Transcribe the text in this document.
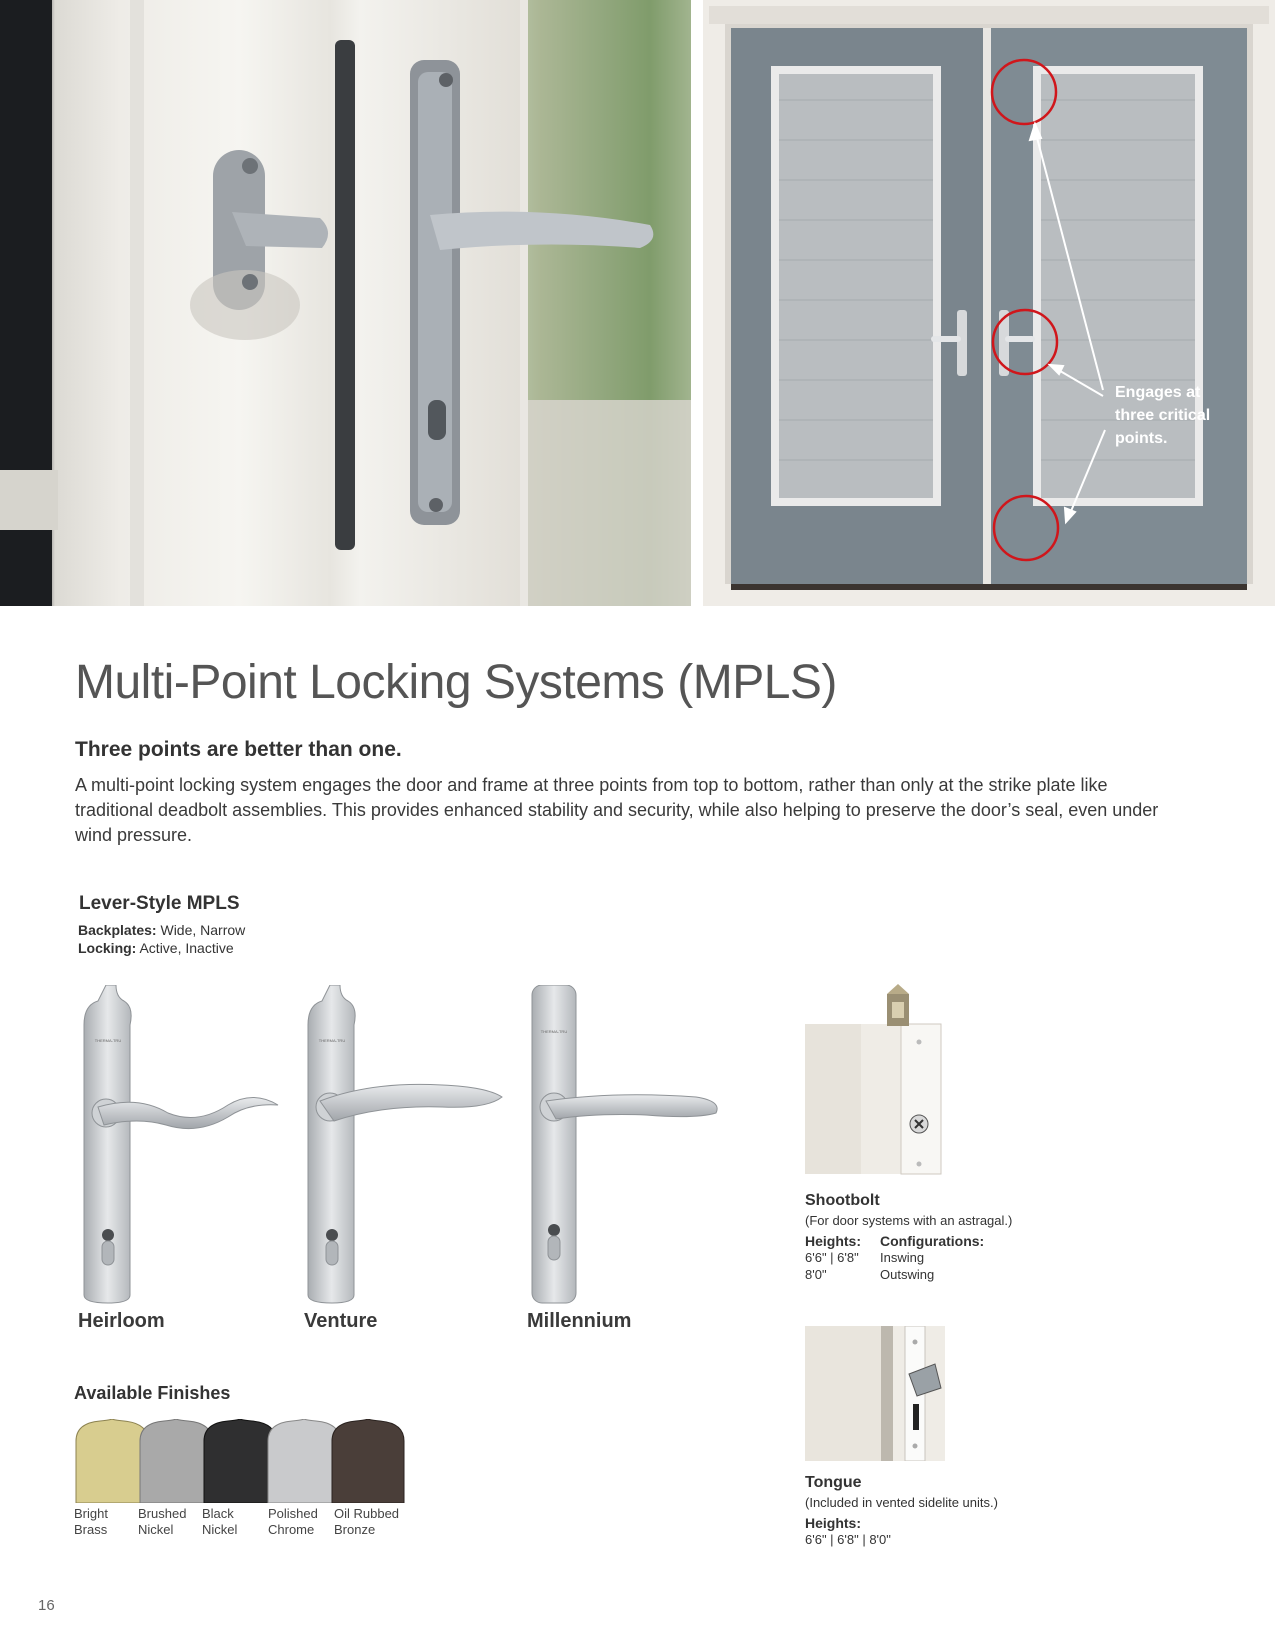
Engages at
three critical
points.
Multi-Point Locking Systems (MPLS)
Three points are better than one.
A multi-point locking system engages the door and frame at three points from top to bottom, rather than only at the strike plate like traditional deadbolt assemblies. This provides enhanced stability and security, while also helping to preserve the door’s seal, even under wind pressure.
Lever-Style MPLS
Backplates: Wide, Narrow
Locking: Active, Inactive
THERMA-TRU
Heirloom
THERMA-TRU
Venture
THERMA-TRU
Millennium
Available Finishes
Bright
Brass
Brushed
Nickel
Black
Nickel
Polished
Chrome
Oil Rubbed
Bronze
Shootbolt
(For door systems with an astragal.)
Heights:
6'6" | 6'8"
8'0"
Configurations:
Inswing
Outswing
Tongue
(Included in vented sidelite units.)
Heights:
6'6" | 6'8" | 8'0"
16
